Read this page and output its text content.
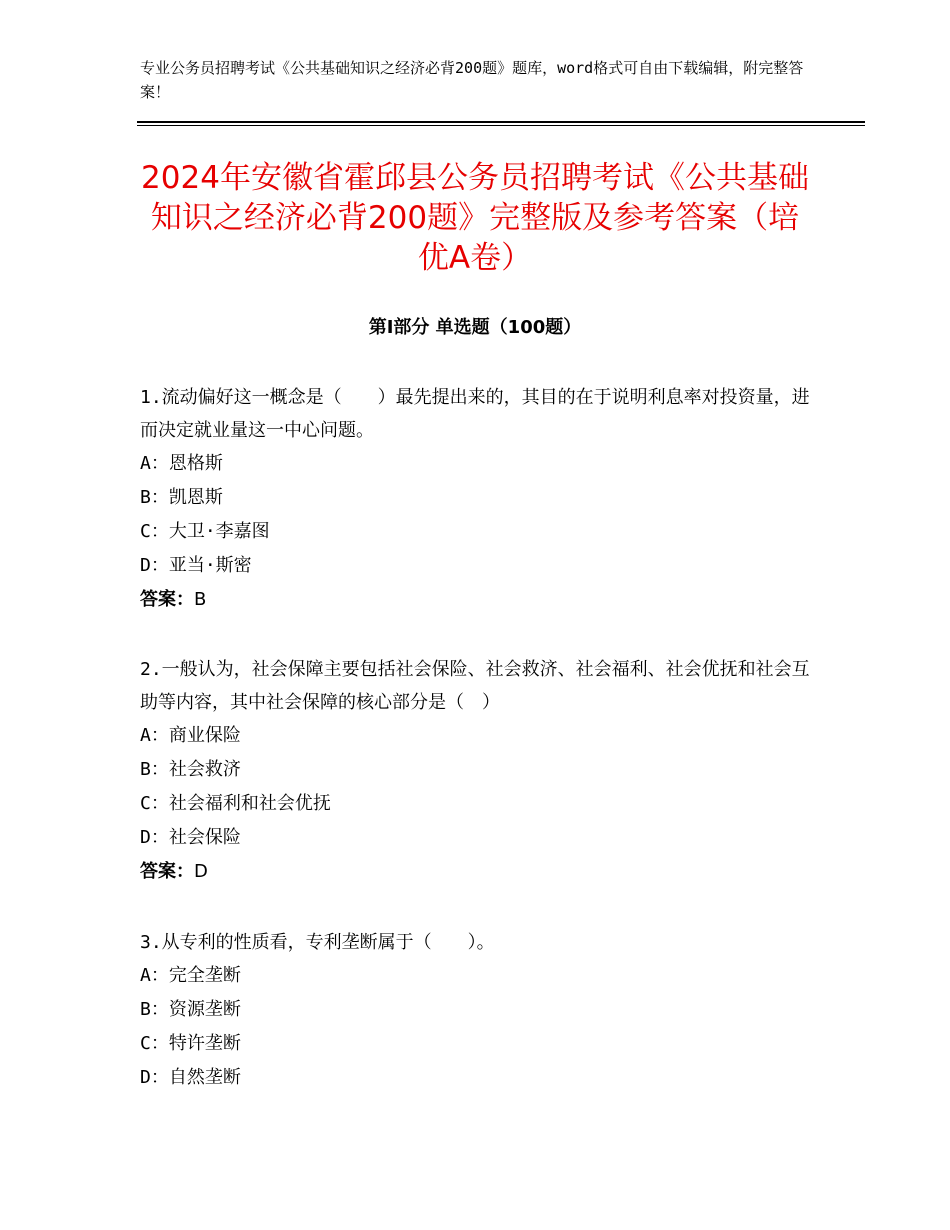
专业公务员招聘考试《公共基础知识之经济必背200题》题库，word格式可自由下载编辑，附完整答案！
2024年安徽省霍邱县公务员招聘考试《公共基础知识之经济必背200题》完整版及参考答案（培优A卷）
第I部分 单选题（100题）

1.流动偏好这一概念是（　　）最先提出来的，其目的在于说明利息率对投资量，进而决定就业量这一中心问题。

A：恩格斯

B：凯恩斯

C：大卫·李嘉图

D：亚当·斯密

答案：B

2.一般认为，社会保障主要包括社会保险、社会救济、社会福利、社会优抚和社会互助等内容，其中社会保障的核心部分是（　）

A：商业保险

B：社会救济

C：社会福利和社会优抚

D：社会保险

答案：D

3.从专利的性质看，专利垄断属于（　　）。

A：完全垄断

B：资源垄断

C：特许垄断

D：自然垄断
